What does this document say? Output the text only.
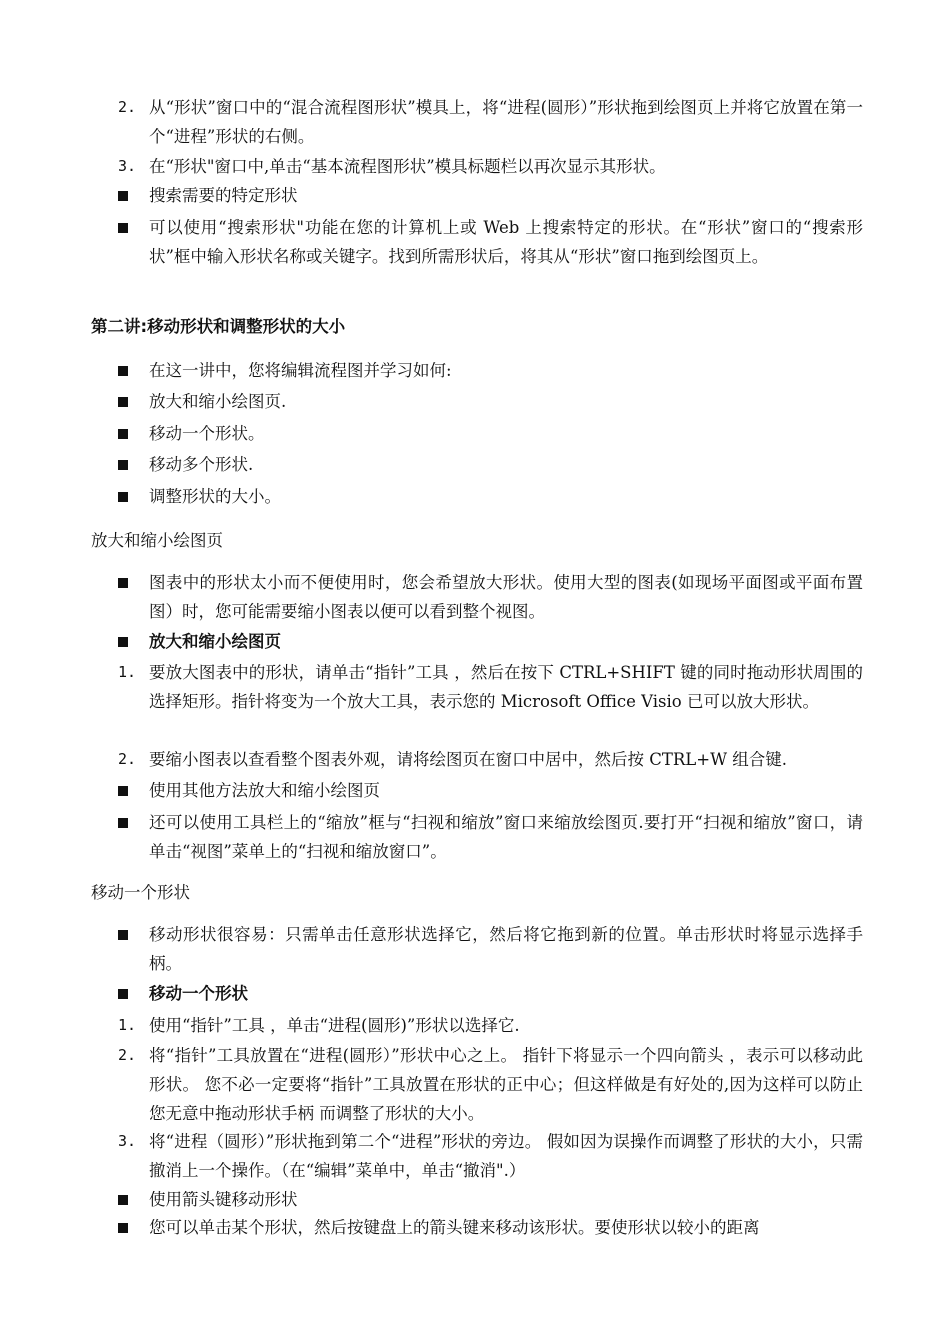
2. 从“形状”窗口中的“混合流程图形状”模具上，将“进程(圆形）”形状拖到绘图页上并将它放置在第一个“进程”形状的右侧。
3. 在“形状"窗口中,单击“基本流程图形状”模具标题栏以再次显示其形状。
搜索需要的特定形状
可以使用“搜索形状"功能在您的计算机上或 Web 上搜索特定的形状。在“形状”窗口的“搜索形状”框中输入形状名称或关键字。找到所需形状后，将其从“形状”窗口拖到绘图页上。
第二讲:移动形状和调整形状的大小
在这一讲中，您将编辑流程图并学习如何:
放大和缩小绘图页.
移动一个形状。
移动多个形状.
调整形状的大小。
放大和缩小绘图页
图表中的形状太小而不便使用时，您会希望放大形状。使用大型的图表(如现场平面图或平面布置图）时，您可能需要缩小图表以便可以看到整个视图。
放大和缩小绘图页
1. 要放大图表中的形状，请单击“指针”工具 ，然后在按下 CTRL+SHIFT 键的同时拖动形状周围的选择矩形。指针将变为一个放大工具，表示您的 Microsoft Office Visio 已可以放大形状。
2. 要缩小图表以查看整个图表外观，请将绘图页在窗口中居中，然后按 CTRL+W 组合键.
使用其他方法放大和缩小绘图页
还可以使用工具栏上的“缩放”框与“扫视和缩放”窗口来缩放绘图页.要打开“扫视和缩放”窗口，请单击“视图”菜单上的“扫视和缩放窗口”。
移动一个形状
移动形状很容易：只需单击任意形状选择它，然后将它拖到新的位置。单击形状时将显示选择手柄。
移动一个形状
1. 使用“指针”工具 ，单击“进程(圆形)”形状以选择它.
2. 将“指针”工具放置在“进程(圆形）”形状中心之上。 指针下将显示一个四向箭头 ，表示可以移动此形状。 您不必一定要将“指针”工具放置在形状的正中心；但这样做是有好处的,因为这样可以防止您无意中拖动形状手柄 而调整了形状的大小。
3. 将“进程（圆形）”形状拖到第二个“进程”形状的旁边。 假如因为误操作而调整了形状的大小，只需撤消上一个操作。（在“编辑”菜单中，单击“撤消".）
使用箭头键移动形状
您可以单击某个形状，然后按键盘上的箭头键来移动该形状。要使形状以较小的距离
